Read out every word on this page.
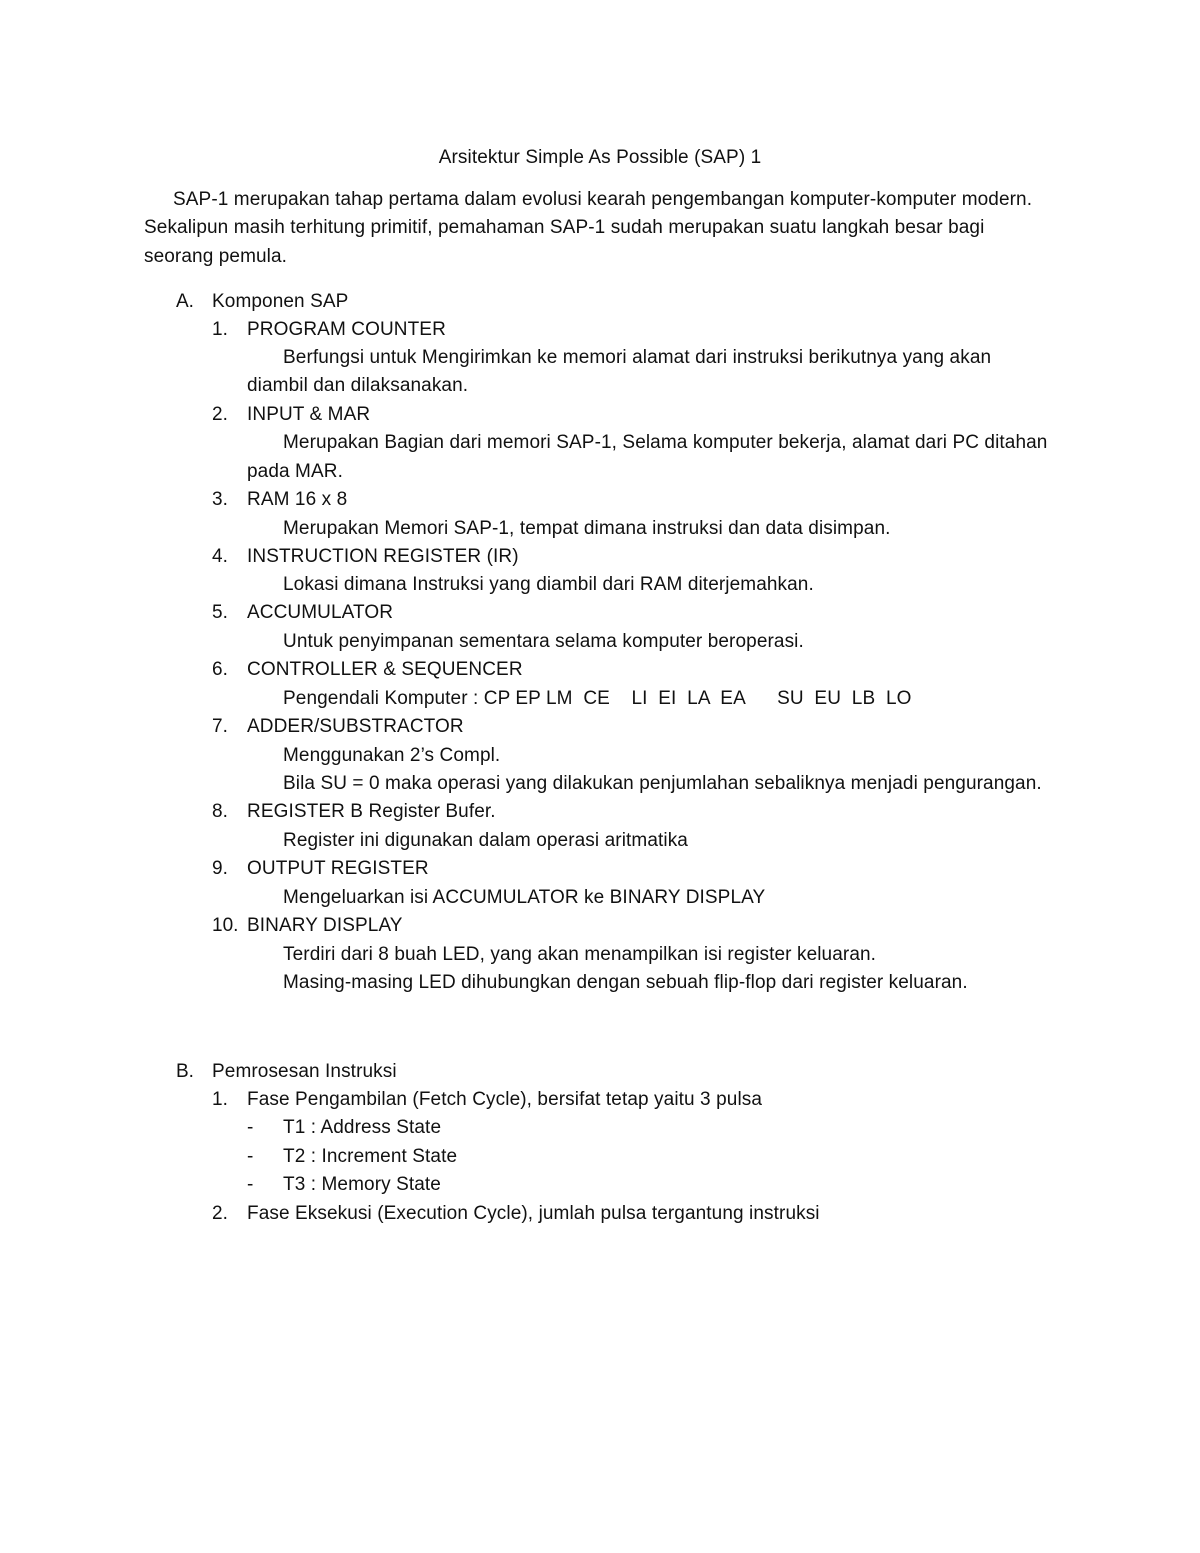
Arsitektur Simple As Possible (SAP) 1
SAP-1 merupakan tahap pertama dalam evolusi kearah pengembangan komputer-komputer modern.
Sekalipun masih terhitung primitif, pemahaman SAP-1 sudah merupakan suatu langkah besar bagi
seorang pemula.
A. Komponen SAP
1. PROGRAM COUNTER
Berfungsi untuk Mengirimkan ke memori alamat dari instruksi berikutnya yang akan
diambil dan dilaksanakan.
2. INPUT & MAR
Merupakan Bagian dari memori SAP-1, Selama komputer bekerja, alamat dari PC ditahan
pada MAR.
3. RAM 16 x 8
Merupakan Memori SAP-1, tempat dimana instruksi dan data disimpan.
4. INSTRUCTION REGISTER (IR)
Lokasi dimana Instruksi yang diambil dari RAM diterjemahkan.
5. ACCUMULATOR
Untuk penyimpanan sementara selama komputer beroperasi.
6. CONTROLLER & SEQUENCER
Pengendali Komputer : CP EP LM  CE    LI  EI  LA  EA      SU  EU  LB  LO
7. ADDER/SUBSTRACTOR
Menggunakan 2’s Compl.
Bila SU = 0 maka operasi yang dilakukan penjumlahan sebaliknya menjadi pengurangan.
8. REGISTER B Register Bufer.
Register ini digunakan dalam operasi aritmatika
9. OUTPUT REGISTER
Mengeluarkan isi ACCUMULATOR ke BINARY DISPLAY
10. BINARY DISPLAY
Terdiri dari 8 buah LED, yang akan menampilkan isi register keluaran.
Masing-masing LED dihubungkan dengan sebuah flip-flop dari register keluaran.
B. Pemrosesan Instruksi
1. Fase Pengambilan (Fetch Cycle), bersifat tetap yaitu 3 pulsa
- T1 : Address State
- T2 : Increment State
- T3 : Memory State
2. Fase Eksekusi (Execution Cycle), jumlah pulsa tergantung instruksi
